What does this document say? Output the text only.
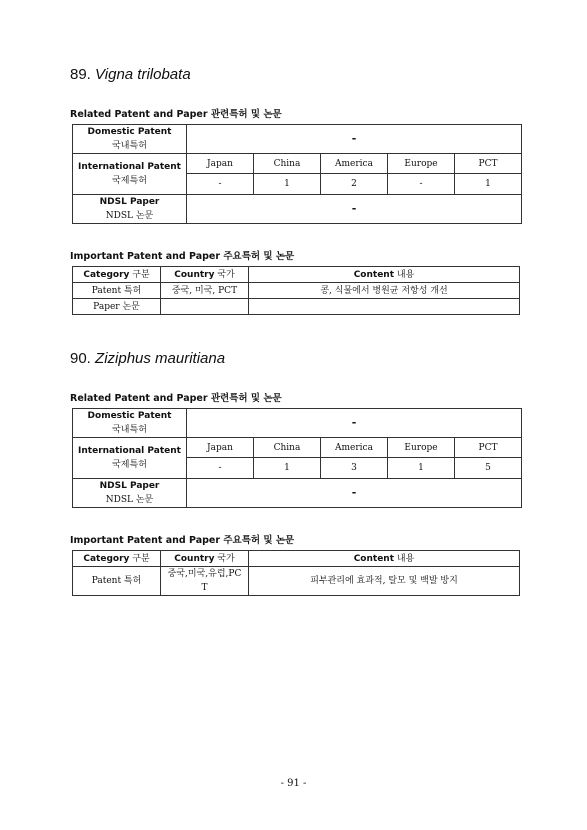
89. Vigna trilobata
Related Patent and Paper 관련특허 및 논문
Domestic Patent
국내특허	-				

International Patent
국제특허	Japan	China	America	Europe	PCT
	-	1	2	-	1

NDSL Paper
NDSL 논문	-				
Important Patent and Paper 주요특허 및 논문
Category 구분	Country 국가	Content 내용
Patent 특허	중국, 미국, PCT	콩, 식물에서 병원균 저항성 개선
Paper 논문		
90. Ziziphus mauritiana
Related Patent and Paper 관련특허 및 논문
Domestic Patent
국내특허	-				

International Patent
국제특허	Japan	China	America	Europe	PCT
	-	1	3	1	5

NDSL Paper
NDSL 논문	-				
Important Patent and Paper 주요특허 및 논문
Category 구분	Country 국가	Content 내용
Patent 특허	중국,미국,유럽,PCT	피부관리에 효과적, 탈모 및 백발 방지
- 91 -
